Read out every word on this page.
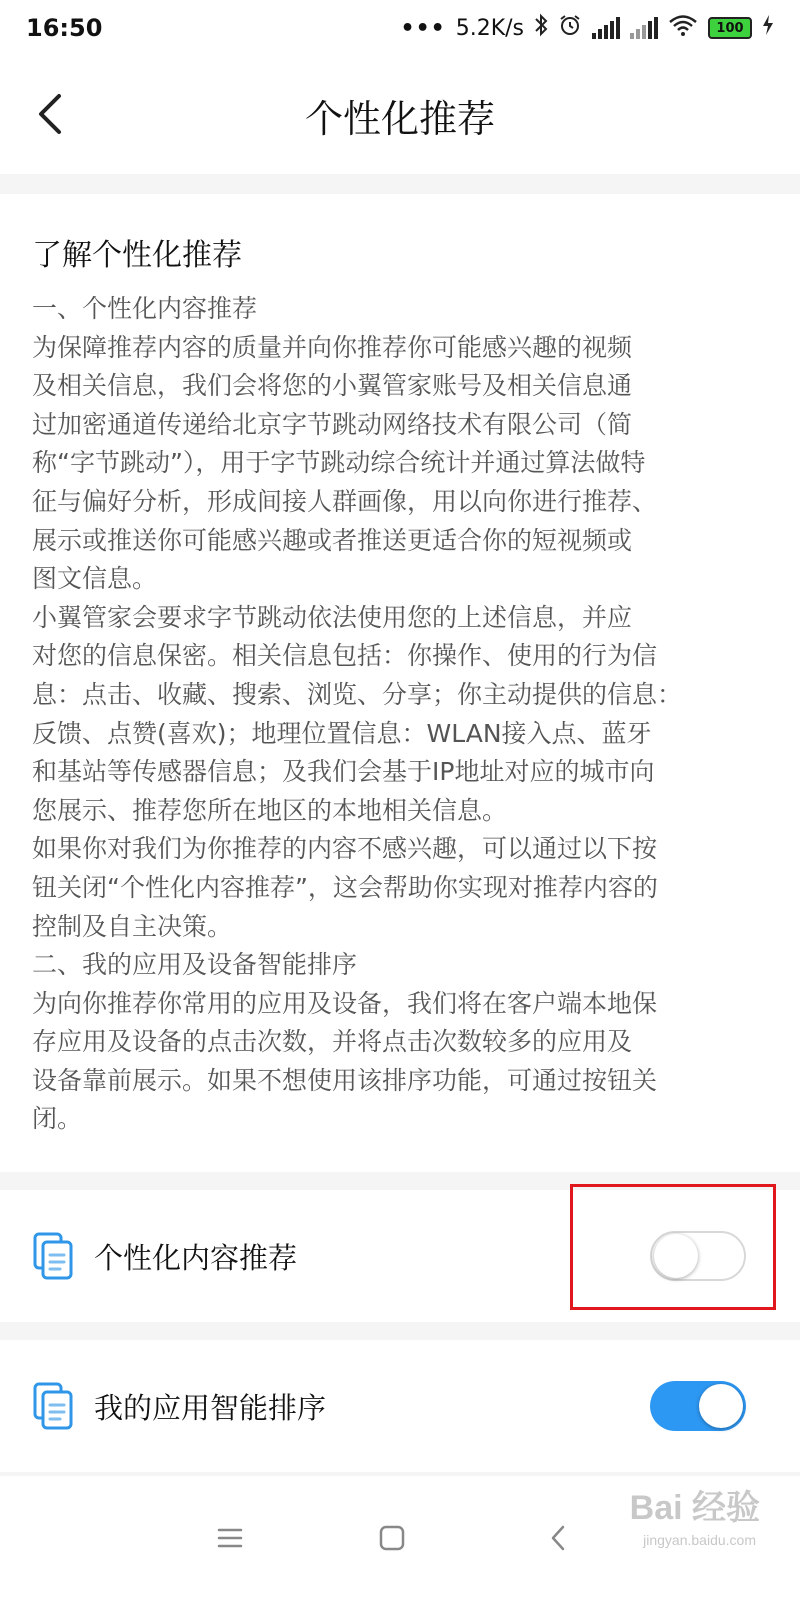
16:50	••• 5.2K/s	100
个性化推荐
了解个性化推荐

一、个性化内容推荐

为保障推荐内容的质量并向你推荐你可能感兴趣的视频

及相关信息，我们会将您的小翼管家账号及相关信息通

过加密通道传递给北京字节跳动网络技术有限公司（简

称“字节跳动”），用于字节跳动综合统计并通过算法做特

征与偏好分析，形成间接人群画像，用以向你进行推荐、

展示或推送你可能感兴趣或者推送更适合你的短视频或

图文信息。

小翼管家会要求字节跳动依法使用您的上述信息，并应

对您的信息保密。相关信息包括：你操作、使用的行为信

息：点击、收藏、搜索、浏览、分享；你主动提供的信息：

反馈、点赞(喜欢)；地理位置信息：WLAN接入点、蓝牙

和基站等传感器信息；及我们会基于IP地址对应的城市向

您展示、推荐您所在地区的本地相关信息。

如果你对我们为你推荐的内容不感兴趣，可以通过以下按

钮关闭“个性化内容推荐”，这会帮助你实现对推荐内容的

控制及自主决策。

二、我的应用及设备智能排序

为向你推荐你常用的应用及设备，我们将在客户端本地保

存应用及设备的点击次数，并将点击次数较多的应用及

设备靠前展示。如果不想使用该排序功能，可通过按钮关

闭。

个性化内容推荐
我的应用智能排序
Bai 经验
jingyan.baidu.com
